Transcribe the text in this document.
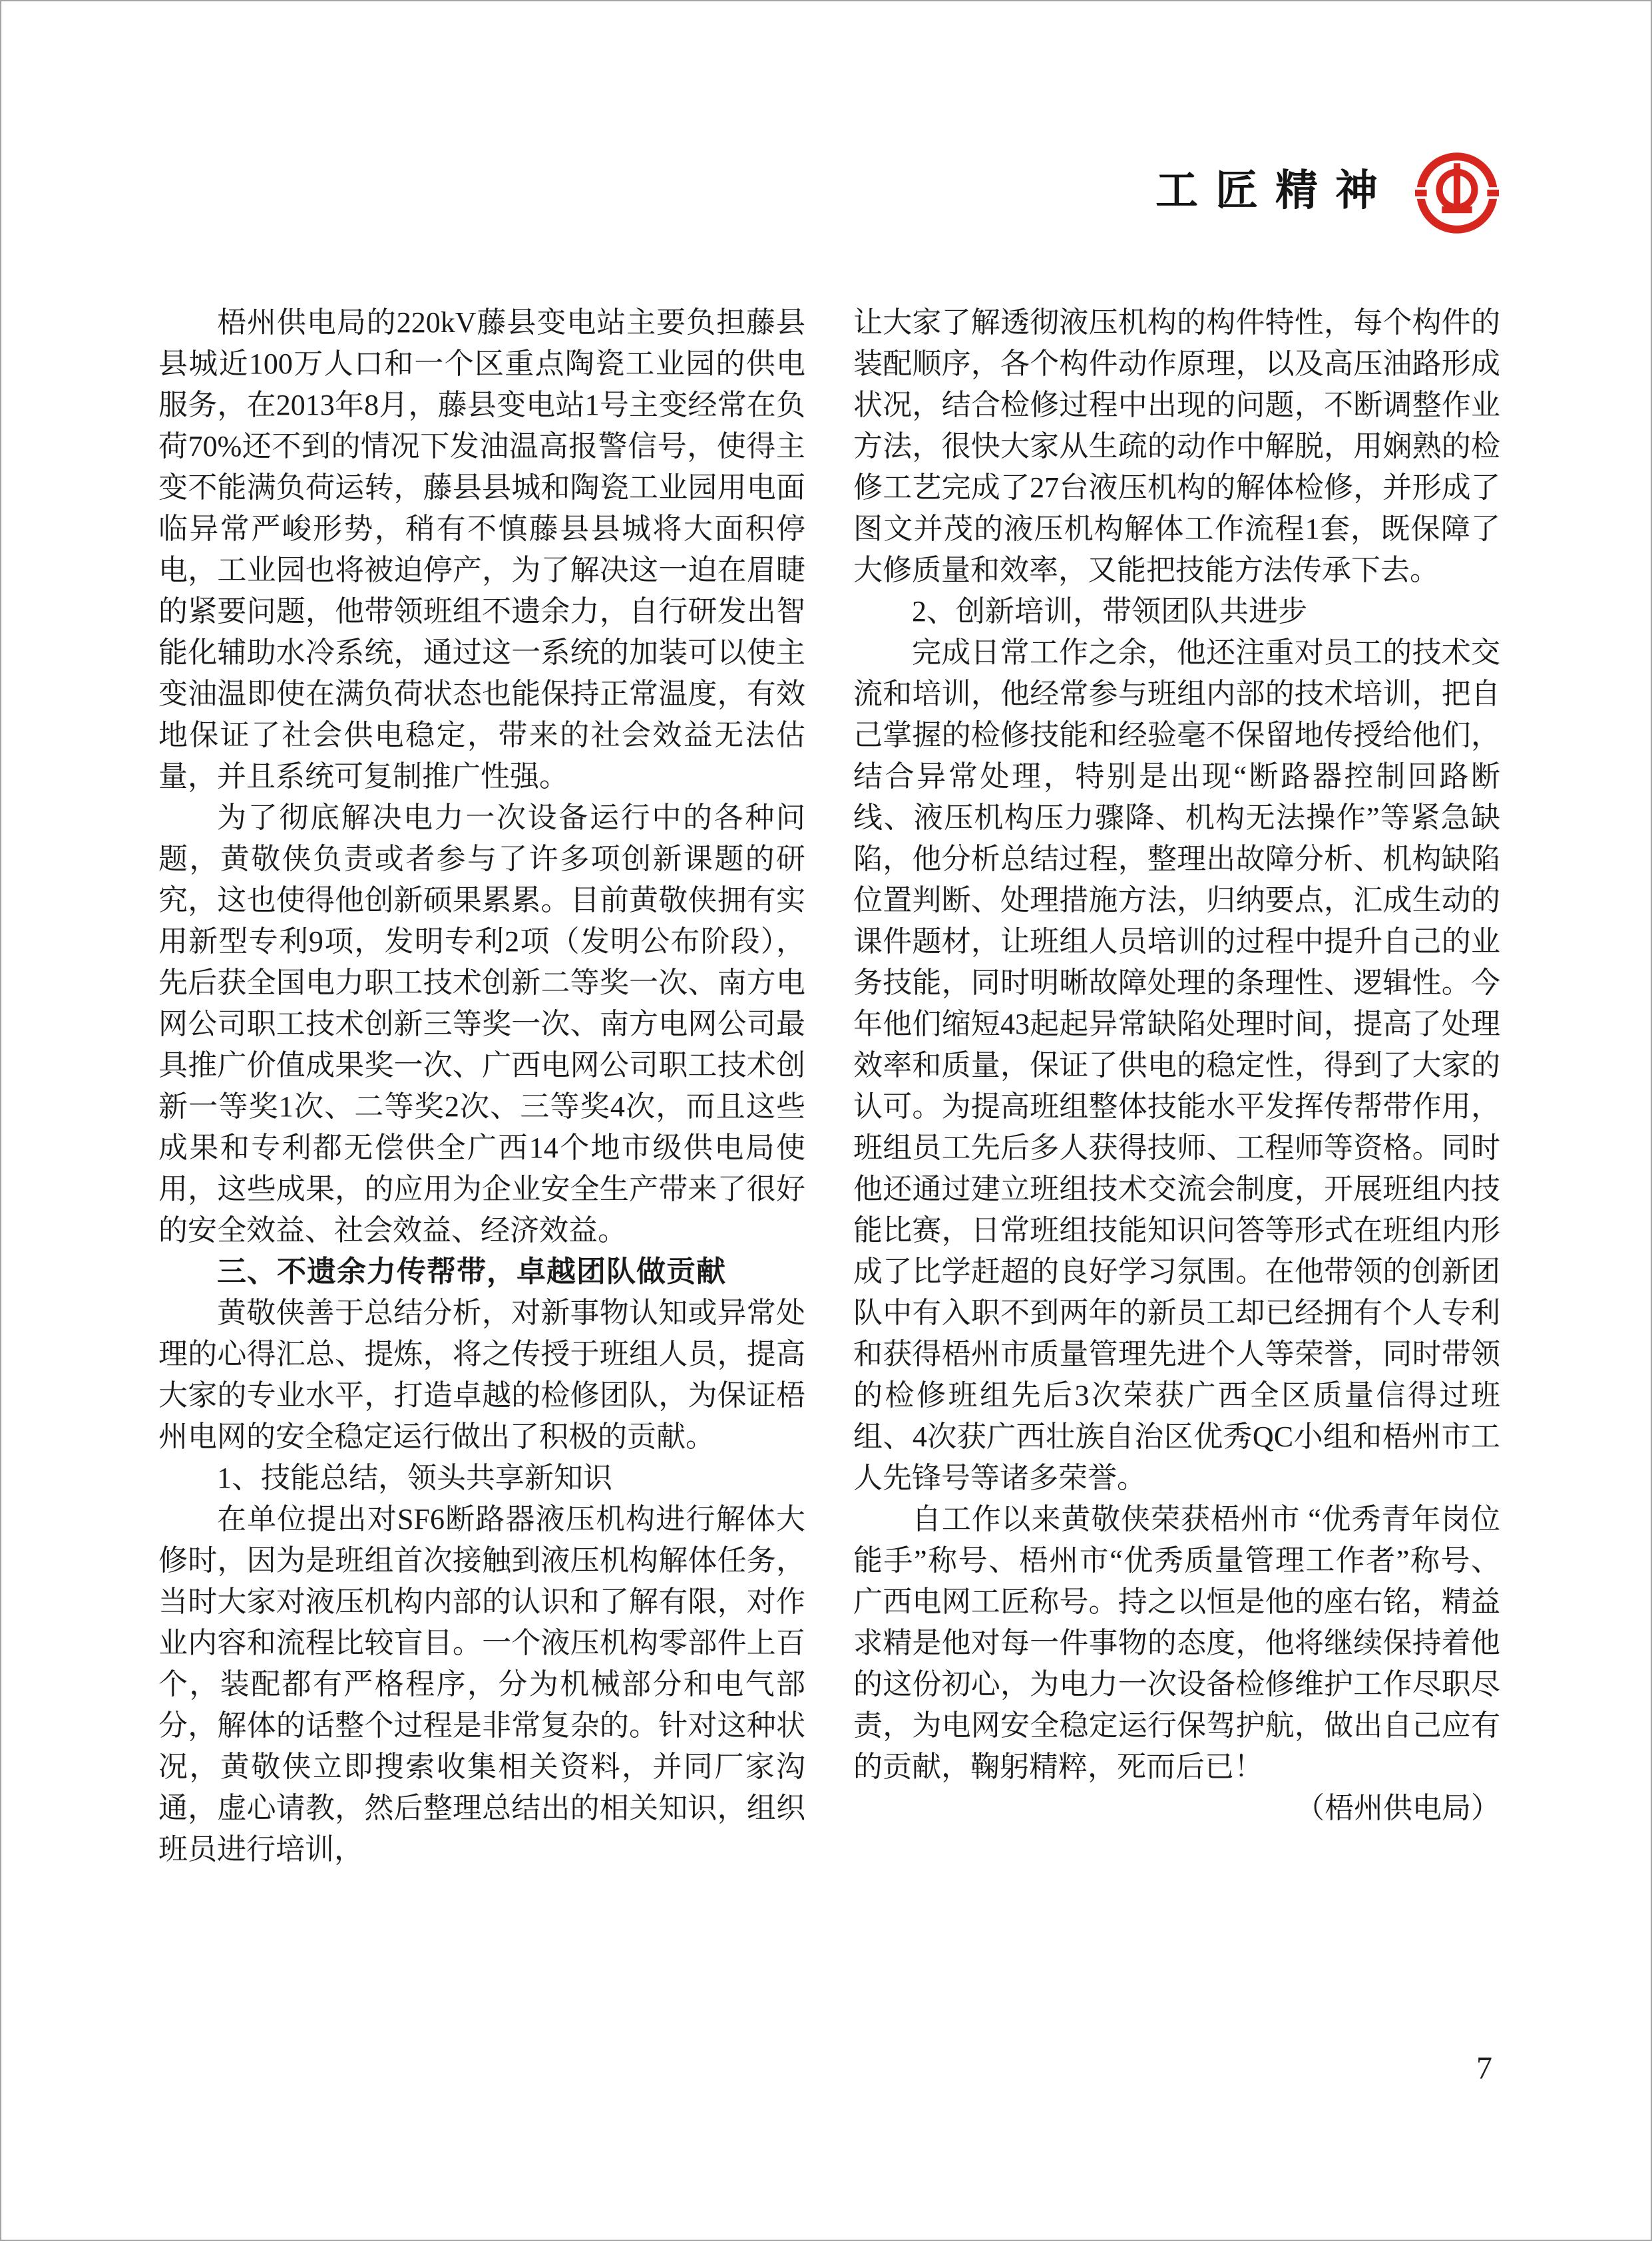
工匠精神

梧州供电局的220kV藤县变电站主要负担藤县县城近100万人口和一个区重点陶瓷工业园的供电服务，在2013年8月，藤县变电站1号主变经常在负荷70%还不到的情况下发油温高报警信号，使得主变不能满负荷运转，藤县县城和陶瓷工业园用电面临异常严峻形势，稍有不慎藤县县城将大面积停电，工业园也将被迫停产，为了解决这一迫在眉睫的紧要问题，他带领班组不遗余力，自行研发出智能化辅助水冷系统，通过这一系统的加装可以使主变油温即使在满负荷状态也能保持正常温度，有效地保证了社会供电稳定，带来的社会效益无法估量，并且系统可复制推广性强。

为了彻底解决电力一次设备运行中的各种问题，黄敬侠负责或者参与了许多项创新课题的研究，这也使得他创新硕果累累。目前黄敬侠拥有实用新型专利9项，发明专利2项（发明公布阶段），先后获全国电力职工技术创新二等奖一次、南方电网公司职工技术创新三等奖一次、南方电网公司最具推广价值成果奖一次、广西电网公司职工技术创新一等奖1次、二等奖2次、三等奖4次，而且这些成果和专利都无偿供全广西14个地市级供电局使用，这些成果，的应用为企业安全生产带来了很好的安全效益、社会效益、经济效益。

三、不遗余力传帮带，卓越团队做贡献

黄敬侠善于总结分析，对新事物认知或异常处理的心得汇总、提炼，将之传授于班组人员，提高大家的专业水平，打造卓越的检修团队，为保证梧州电网的安全稳定运行做出了积极的贡献。

1、技能总结，领头共享新知识

在单位提出对SF6断路器液压机构进行解体大修时，因为是班组首次接触到液压机构解体任务，当时大家对液压机构内部的认识和了解有限，对作业内容和流程比较盲目。一个液压机构零部件上百个，装配都有严格程序，分为机械部分和电气部分，解体的话整个过程是非常复杂的。针对这种状况，黄敬侠立即搜索收集相关资料，并同厂家沟通，虚心请教，然后整理总结出的相关知识，组织班员进行培训，

让大家了解透彻液压机构的构件特性，每个构件的装配顺序，各个构件动作原理，以及高压油路形成状况，结合检修过程中出现的问题，不断调整作业方法，很快大家从生疏的动作中解脱，用娴熟的检修工艺完成了27台液压机构的解体检修，并形成了图文并茂的液压机构解体工作流程1套，既保障了大修质量和效率，又能把技能方法传承下去。

2、创新培训，带领团队共进步

完成日常工作之余，他还注重对员工的技术交流和培训，他经常参与班组内部的技术培训，把自己掌握的检修技能和经验毫不保留地传授给他们，结合异常处理，特别是出现“断路器控制回路断线、液压机构压力骤降、机构无法操作”等紧急缺陷，他分析总结过程，整理出故障分析、机构缺陷位置判断、处理措施方法，归纳要点，汇成生动的课件题材，让班组人员培训的过程中提升自己的业务技能，同时明晰故障处理的条理性、逻辑性。今年他们缩短43起起异常缺陷处理时间，提高了处理效率和质量，保证了供电的稳定性，得到了大家的认可。为提高班组整体技能水平发挥传帮带作用，班组员工先后多人获得技师、工程师等资格。同时他还通过建立班组技术交流会制度，开展班组内技能比赛，日常班组技能知识问答等形式在班组内形成了比学赶超的良好学习氛围。在他带领的创新团队中有入职不到两年的新员工却已经拥有个人专利和获得梧州市质量管理先进个人等荣誉，同时带领的检修班组先后3次荣获广西全区质量信得过班组、4次获广西壮族自治区优秀QC小组和梧州市工人先锋号等诸多荣誉。

自工作以来黄敬侠荣获梧州市 “优秀青年岗位能手”称号、梧州市“优秀质量管理工作者”称号、广西电网工匠称号。持之以恒是他的座右铭，精益求精是他对每一件事物的态度，他将继续保持着他的这份初心，为电力一次设备检修维护工作尽职尽责，为电网安全稳定运行保驾护航，做出自己应有的贡献，鞠躬精粹，死而后已！

（梧州供电局）

7
